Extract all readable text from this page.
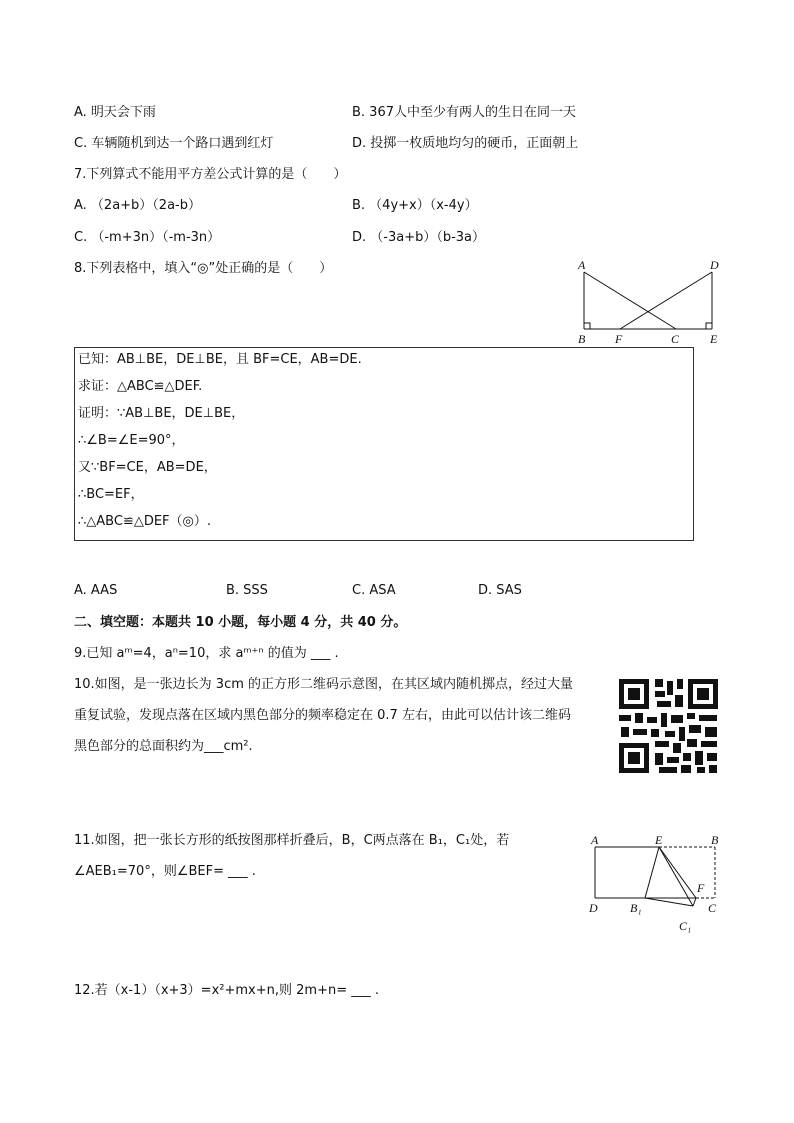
A. 明天会下雨	B. 367人中至少有两人的生日在同一天
C. 车辆随机到达一个路口遇到红灯	D. 投掷一枚质地均匀的硬币，正面朝上
7.下列算式不能用平方差公式计算的是（　　）
A. （2a+b）（2a-b）	B. （4y+x）（x-4y）
C. （-m+3n）（-m-3n）	D. （-3a+b）（b-3a）
8.下列表格中，填入“◎”处正确的是（　　）	A	D
B F	C	E
已知：AB⊥BE，DE⊥BE，且 BF=CE，AB=DE.
求证：△ABC≌△DEF.
证明：∵AB⊥BE，DE⊥BE，
∴∠B=∠E=90°，
又∵BF=CE，AB=DE，
∴BC=EF，
∴△ABC≌△DEF（◎）.
A. AAS	B. SSS	C. ASA	D. SAS
二、填空题：本题共 10 小题，每小题 4 分，共 40 分。
9.已知 aᵐ=4，aⁿ=10，求 aᵐ⁺ⁿ 的值为 ___ .
10.如图，是一张边长为 3cm 的正方形二维码示意图，在其区域内随机掷点，经过大量
重复试验，发现点落在区域内黑色部分的频率稳定在 0.7 左右，由此可以估计该二维码
黑色部分的总面积约为___cm².
11.如图，把一张长方形的纸按图那样折叠后，B，C两点落在 B₁，C₁处，若
∠AEB₁=70°，则∠BEF= ___ .
A	E	B
F
D	B₁	C
C₁
12.若（x-1）（x+3）=x²+mx+n,则 2m+n= ___ .
